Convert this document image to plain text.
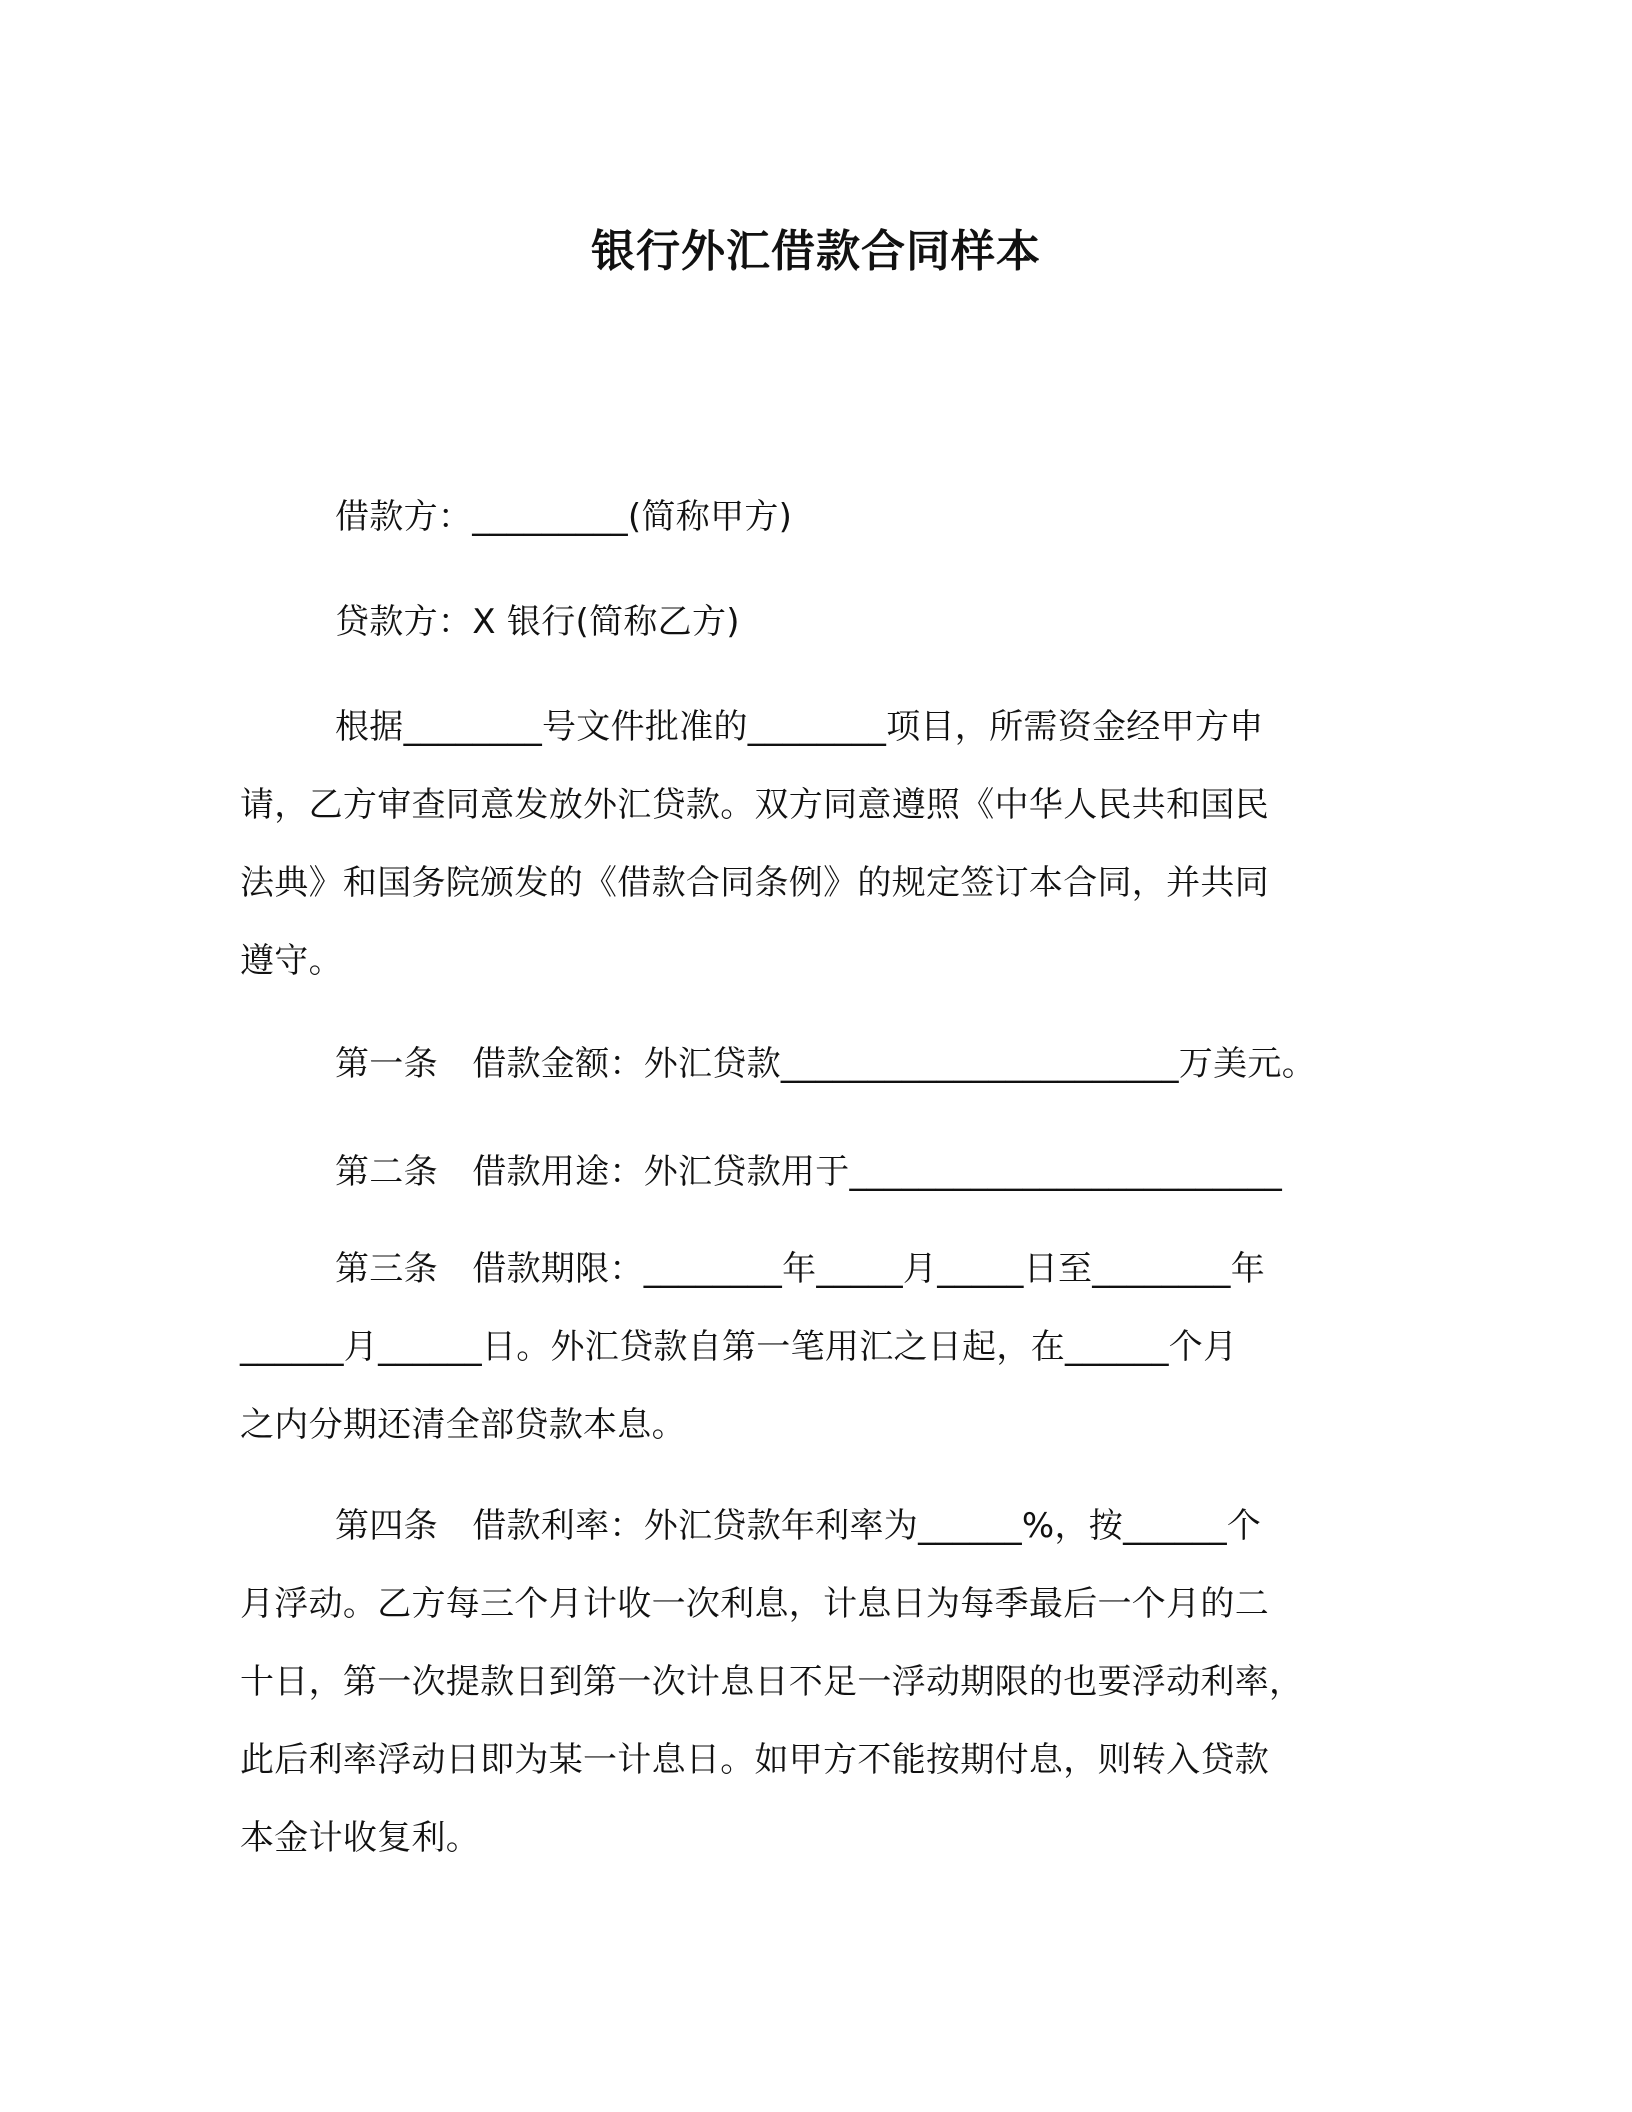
银行外汇借款合同样本
借款方：_________(简称甲方)
贷款方：X 银行(简称乙方)
根据________号文件批准的________项目，所需资金经甲方申
请，乙方审查同意发放外汇贷款。双方同意遵照《中华人民共和国民
法典》和国务院颁发的《借款合同条例》的规定签订本合同，并共同
遵守。
第一条　借款金额：外汇贷款_______________________万美元。
第二条　借款用途：外汇贷款用于_________________________
第三条　借款期限：________年_____月_____日至________年
______月______日。外汇贷款自第一笔用汇之日起，在______个月
之内分期还清全部贷款本息。
第四条　借款利率：外汇贷款年利率为______%，按______个
月浮动。乙方每三个月计收一次利息，计息日为每季最后一个月的二
十日，第一次提款日到第一次计息日不足一浮动期限的也要浮动利率，
此后利率浮动日即为某一计息日。如甲方不能按期付息，则转入贷款
本金计收复利。
